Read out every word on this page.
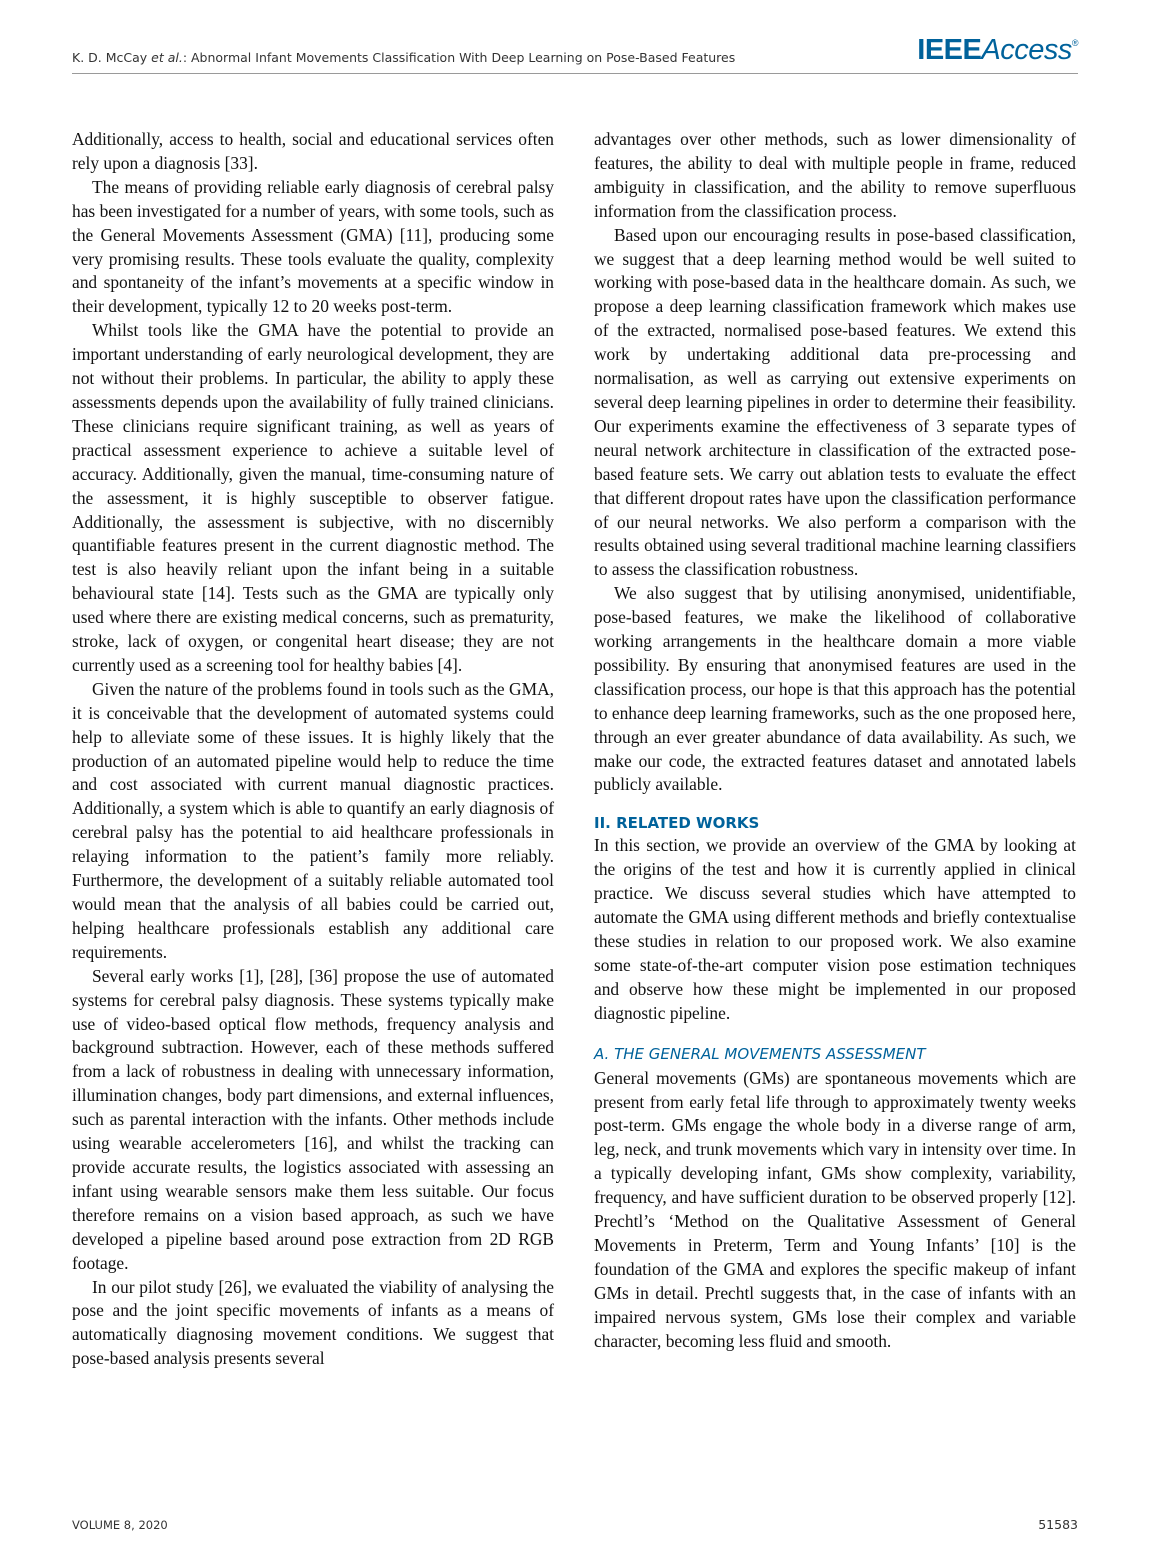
K. D. McCay et al.: Abnormal Infant Movements Classification With Deep Learning on Pose-Based Features	IEEEAccess®

Additionally, access to health, social and educational services often rely upon a diagnosis [33].

The means of providing reliable early diagnosis of cerebral palsy has been investigated for a number of years, with some tools, such as the General Movements Assessment (GMA) [11], producing some very promising results. These tools evaluate the quality, complexity and spontaneity of the infant’s movements at a specific window in their development, typically 12 to 20 weeks post-term.

Whilst tools like the GMA have the potential to provide an important understanding of early neurological development, they are not without their problems. In particular, the ability to apply these assessments depends upon the availability of fully trained clinicians. These clinicians require significant training, as well as years of practical assessment experience to achieve a suitable level of accuracy. Additionally, given the manual, time-consuming nature of the assessment, it is highly susceptible to observer fatigue. Additionally, the assessment is subjective, with no discernibly quantifiable features present in the current diagnostic method. The test is also heavily reliant upon the infant being in a suitable behavioural state [14]. Tests such as the GMA are typically only used where there are existing medical concerns, such as prematurity, stroke, lack of oxygen, or congenital heart disease; they are not currently used as a screening tool for healthy babies [4].

Given the nature of the problems found in tools such as the GMA, it is conceivable that the development of automated systems could help to alleviate some of these issues. It is highly likely that the production of an automated pipeline would help to reduce the time and cost associated with current manual diagnostic practices. Additionally, a system which is able to quantify an early diagnosis of cerebral palsy has the potential to aid healthcare professionals in relaying information to the patient’s family more reliably. Furthermore, the development of a suitably reliable automated tool would mean that the analysis of all babies could be carried out, helping healthcare professionals establish any additional care requirements.

Several early works [1], [28], [36] propose the use of automated systems for cerebral palsy diagnosis. These systems typically make use of video-based optical flow methods, frequency analysis and background subtraction. However, each of these methods suffered from a lack of robustness in dealing with unnecessary information, illumination changes, body part dimensions, and external influences, such as parental interaction with the infants. Other methods include using wearable accelerometers [16], and whilst the tracking can provide accurate results, the logistics associated with assessing an infant using wearable sensors make them less suitable. Our focus therefore remains on a vision based approach, as such we have developed a pipeline based around pose extraction from 2D RGB footage.

In our pilot study [26], we evaluated the viability of analysing the pose and the joint specific movements of infants as a means of automatically diagnosing movement conditions. We suggest that pose-based analysis presents several

advantages over other methods, such as lower dimensionality of features, the ability to deal with multiple people in frame, reduced ambiguity in classification, and the ability to remove superfluous information from the classification process.

Based upon our encouraging results in pose-based classification, we suggest that a deep learning method would be well suited to working with pose-based data in the healthcare domain. As such, we propose a deep learning classification framework which makes use of the extracted, normalised pose-based features. We extend this work by undertaking additional data pre-processing and normalisation, as well as carrying out extensive experiments on several deep learning pipelines in order to determine their feasibility. Our experiments examine the effectiveness of 3 separate types of neural network architecture in classification of the extracted pose-based feature sets. We carry out ablation tests to evaluate the effect that different dropout rates have upon the classification performance of our neural networks. We also perform a comparison with the results obtained using several traditional machine learning classifiers to assess the classification robustness.

We also suggest that by utilising anonymised, unidentifiable, pose-based features, we make the likelihood of collaborative working arrangements in the healthcare domain a more viable possibility. By ensuring that anonymised features are used in the classification process, our hope is that this approach has the potential to enhance deep learning frameworks, such as the one proposed here, through an ever greater abundance of data availability. As such, we make our code, the extracted features dataset and annotated labels publicly available.

II. RELATED WORKS

In this section, we provide an overview of the GMA by looking at the origins of the test and how it is currently applied in clinical practice. We discuss several studies which have attempted to automate the GMA using different methods and briefly contextualise these studies in relation to our proposed work. We also examine some state-of-the-art computer vision pose estimation techniques and observe how these might be implemented in our proposed diagnostic pipeline.

A. THE GENERAL MOVEMENTS ASSESSMENT

General movements (GMs) are spontaneous movements which are present from early fetal life through to approximately twenty weeks post-term. GMs engage the whole body in a diverse range of arm, leg, neck, and trunk movements which vary in intensity over time. In a typically developing infant, GMs show complexity, variability, frequency, and have sufficient duration to be observed properly [12]. Prechtl’s ‘Method on the Qualitative Assessment of General Movements in Preterm, Term and Young Infants’ [10] is the foundation of the GMA and explores the specific makeup of infant GMs in detail. Prechtl suggests that, in the case of infants with an impaired nervous system, GMs lose their complex and variable character, becoming less fluid and smooth.

VOLUME 8, 2020	51583
